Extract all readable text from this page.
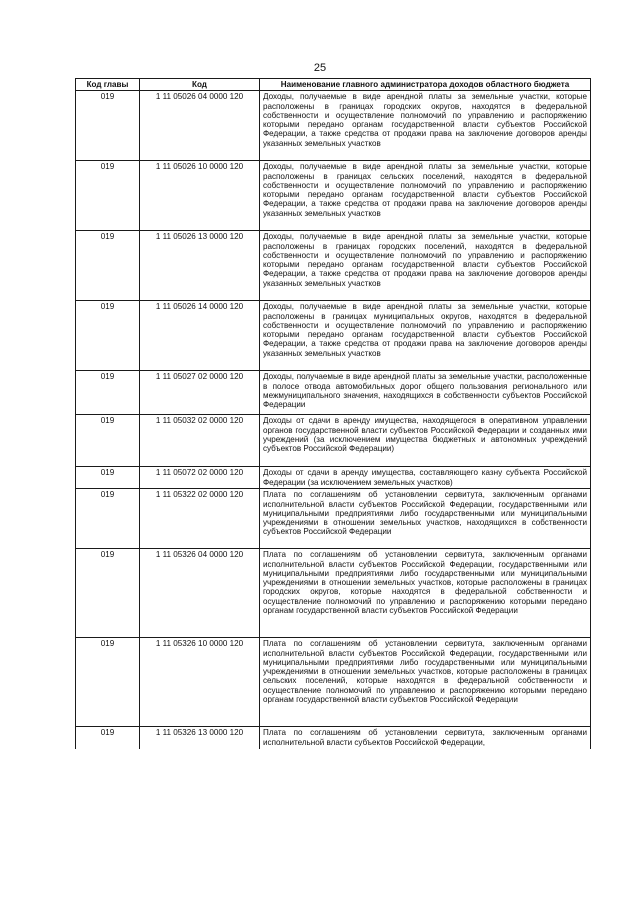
25
Код главы	Код	Наименование главного администратора доходов областного бюджета
019	1 11 05026 04 0000 120	Доходы, получаемые в виде арендной платы за земельные участки, которые расположены в границах городских округов, находятся в федеральной собственности и осуществление полномочий по управлению и распоряжению которыми передано органам государственной власти субъектов Российской Федерации, а также средства от продажи права на заключение договоров аренды указанных земельных участков
019	1 11 05026 10 0000 120	Доходы, получаемые в виде арендной платы за земельные участки, которые расположены в границах сельских поселений, находятся в федеральной собственности и осуществление полномочий по управлению и распоряжению которыми передано органам государственной власти субъектов Российской Федерации, а также средства от продажи права на заключение договоров аренды указанных земельных участков
019	1 11 05026 13 0000 120	Доходы, получаемые в виде арендной платы за земельные участки, которые расположены в границах городских поселений, находятся в федеральной собственности и осуществление полномочий по управлению и распоряжению которыми передано органам государственной власти субъектов Российской Федерации, а также средства от продажи права на заключение договоров аренды указанных земельных участков
019	1 11 05026 14 0000 120	Доходы, получаемые в виде арендной платы за земельные участки, которые расположены в границах муниципальных округов, находятся в федеральной собственности и осуществление полномочий по управлению и распоряжению которыми передано органам государственной власти субъектов Российской Федерации, а также средства от продажи права на заключение договоров аренды указанных земельных участков
019	1 11 05027 02 0000 120	Доходы, получаемые в виде арендной платы за земельные участки, расположенные в полосе отвода автомобильных дорог общего пользования регионального или межмуниципального значения, находящихся в собственности субъектов Российской Федерации
019	1 11 05032 02 0000 120	Доходы от сдачи в аренду имущества, находящегося в оперативном управлении органов государственной власти субъектов Российской Федерации и созданных ими учреждений (за исключением имущества бюджетных и автономных учреждений субъектов Российской Федерации)
019	1 11 05072 02 0000 120	Доходы от сдачи в аренду имущества, составляющего казну субъекта Российской Федерации (за исключением земельных участков)
019	1 11 05322 02 0000 120	Плата по соглашениям об установлении сервитута, заключенным органами исполнительной власти субъектов Российской Федерации, государственными или муниципальными предприятиями либо государственными или муниципальными учреждениями в отношении земельных участков, находящихся в собственности субъектов Российской Федерации
019	1 11 05326 04 0000 120	Плата по соглашениям об установлении сервитута, заключенным органами исполнительной власти субъектов Российской Федерации, государственными или муниципальными предприятиями либо государственными или муниципальными учреждениями в отношении земельных участков, которые расположены в границах городских округов, которые находятся в федеральной собственности и осуществление полномочий по управлению и распоряжению которыми передано органам государственной власти субъектов Российской Федерации
019	1 11 05326 10 0000 120	Плата по соглашениям об установлении сервитута, заключенным органами исполнительной власти субъектов Российской Федерации, государственными или муниципальными предприятиями либо государственными или муниципальными учреждениями в отношении земельных участков, которые расположены в границах сельских поселений, которые находятся в федеральной собственности и осуществление полномочий по управлению и распоряжению которыми передано органам государственной власти субъектов Российской Федерации
019	1 11 05326 13 0000 120	Плата по соглашениям об установлении сервитута, заключенным органами исполнительной власти субъектов Российской Федерации,
